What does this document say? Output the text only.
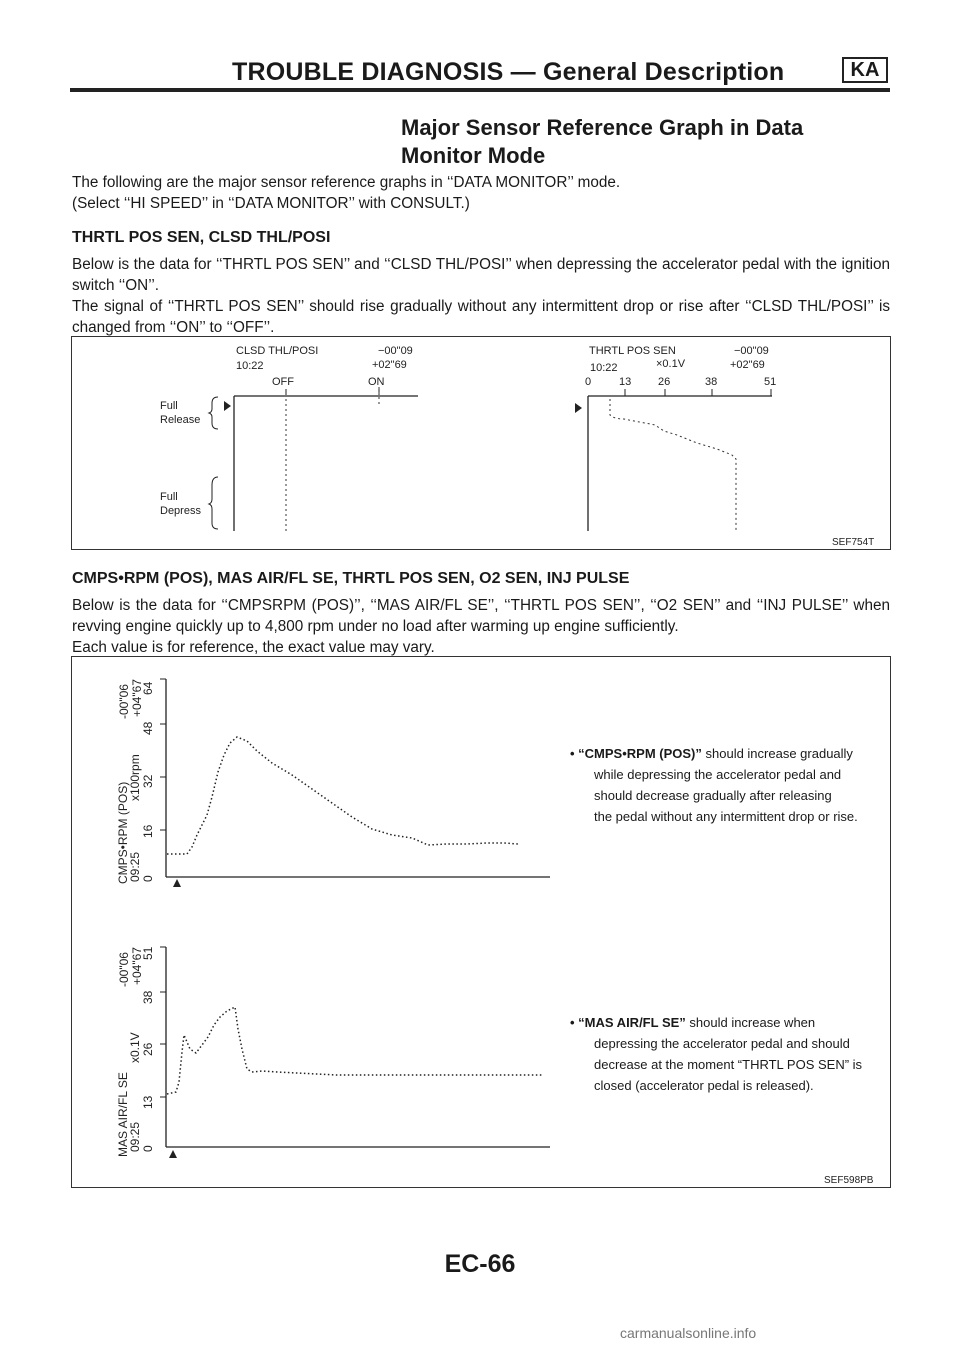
TROUBLE DIAGNOSIS — General Description	KA
Major Sensor Reference Graph in Data
Monitor Mode
The following are the major sensor reference graphs in ‘‘DATA MONITOR’’ mode.
(Select ‘‘HI SPEED’’ in ‘‘DATA MONITOR’’ with CONSULT.)
THRTL POS SEN, CLSD THL/POSI
Below is the data for ‘‘THRTL POS SEN’’ and ‘‘CLSD THL/POSI’’ when depressing the accelerator pedal with the ignition switch ‘‘ON’’.
The signal of ‘‘THRTL POS SEN’’ should rise gradually without any intermittent drop or rise after ‘‘CLSD THL/POSI’’ is changed from ‘‘ON’’ to ‘‘OFF’’.
CLSD THL/POSI
10:22
−00"09
+02"69
OFF	ON
Full
Release
Full
Depress
THRTL POS SEN
10:22	×0.1V
−00"09
+02"69
0	13 26	38	51
SEF754T
CMPS•RPM (POS), MAS AIR/FL SE, THRTL POS SEN, O2 SEN, INJ PULSE
Below is the data for ‘‘CMPSRPM (POS)’’, ‘‘MAS AIR/FL SE’’, ‘‘THRTL POS SEN’’, ‘‘O2 SEN’’ and ‘‘INJ PULSE’’ when revving engine quickly up to 4,800 rpm under no load after warming up engine sufficiently.
Each value is for reference, the exact value may vary.
-00"06 +04"67
0
16
32
48
64
CMPS•RPM (POS)
x100rpm
09:25
• “CMPS•RPM (POS)” should increase gradually
while depressing the accelerator pedal and
should decrease gradually after releasing
the pedal without any intermittent drop or rise.
-00"06 +04"67
0
13
26
38
51
MAS AIR/FL SE
x0.1V
09:25
• “MAS AIR/FL SE” should increase when
depressing the accelerator pedal and should
decrease at the moment “THRTL POS SEN” is
closed (accelerator pedal is released).
SEF598PB
EC-66
carmanualsonline.info
